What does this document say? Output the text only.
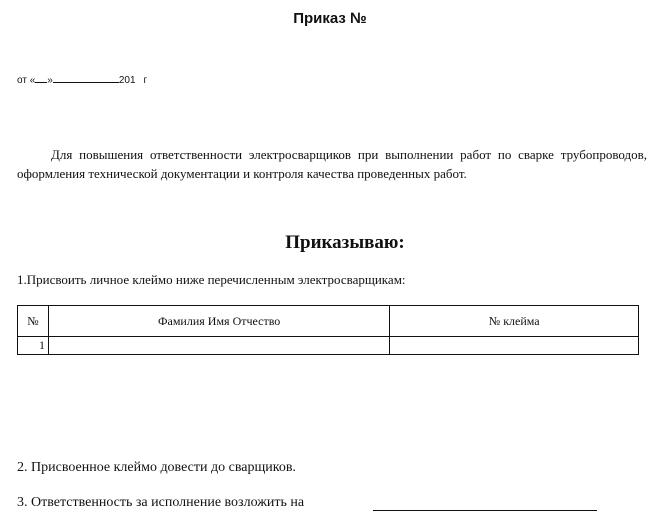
Приказ №
от « »	201 г
Для повышения ответственности электросварщиков при выполнении работ по сварке трубопроводов, оформления технической документации и контроля качества проведенных работ.
Приказываю:
1.Присвоить личное клеймо ниже перечисленным электросварщикам:
№	Фамилия Имя Отчество	№ клейма
1		
2. Присвоенное клеймо довести до сварщиков.
3. Ответственность за исполнение возложить на
